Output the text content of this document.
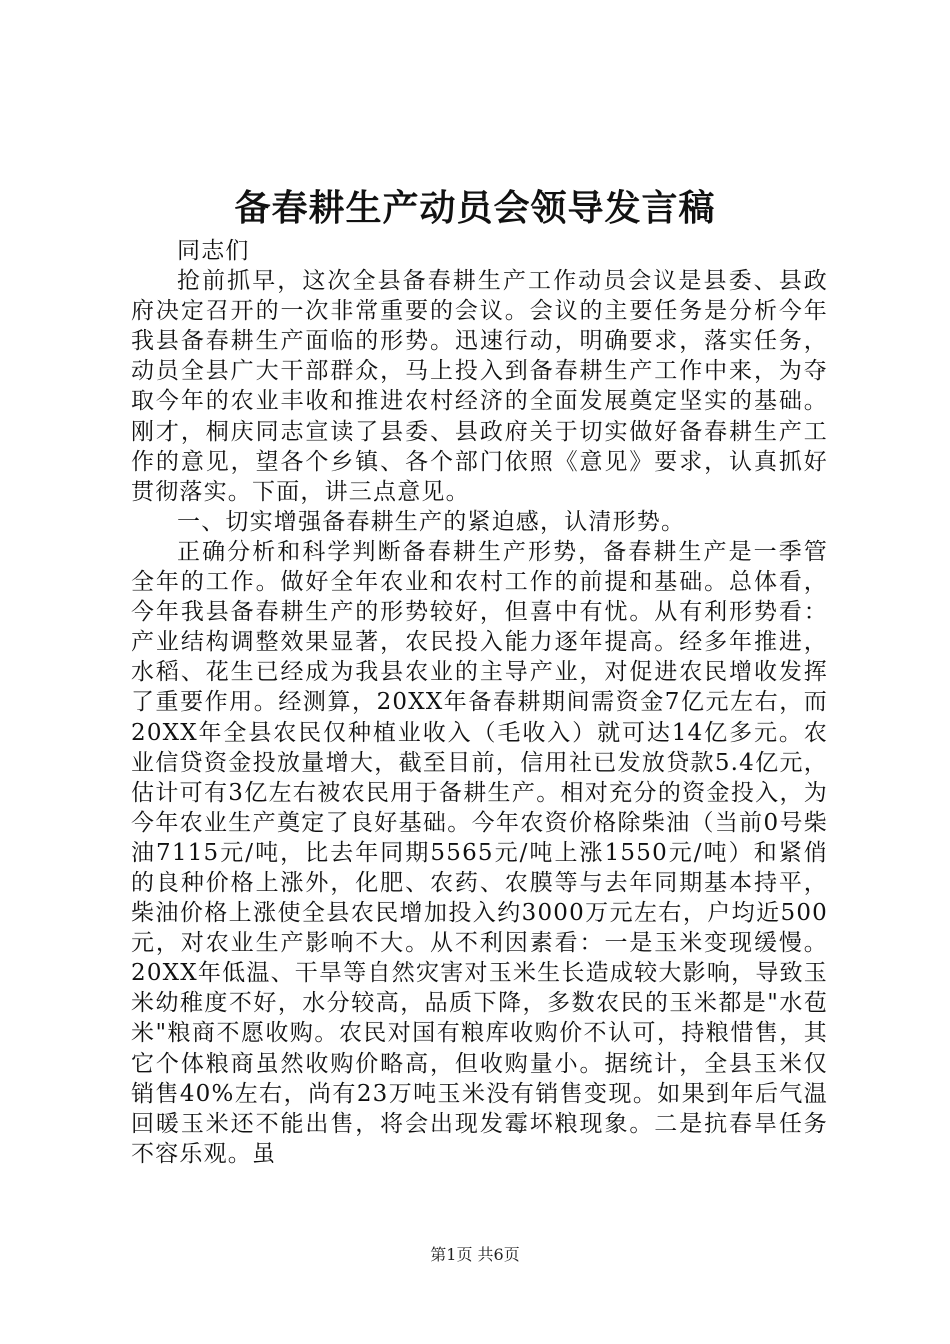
备春耕生产动员会领导发言稿

同志们

抢前抓早，这次全县备春耕生产工作动员会议是县委、县政府决定召开的一次非常重要的会议。会议的主要任务是分析今年我县备春耕生产面临的形势。迅速行动，明确要求，落实任务，动员全县广大干部群众，马上投入到备春耕生产工作中来，为夺取今年的农业丰收和推进农村经济的全面发展奠定坚实的基础。刚才，桐庆同志宣读了县委、县政府关于切实做好备春耕生产工作的意见，望各个乡镇、各个部门依照《意见》要求，认真抓好贯彻落实。下面，讲三点意见。

一、切实增强备春耕生产的紧迫感，认清形势。

正确分析和科学判断备春耕生产形势，备春耕生产是一季管全年的工作。做好全年农业和农村工作的前提和基础。总体看，今年我县备春耕生产的形势较好，但喜中有忧。从有利形势看：产业结构调整效果显著，农民投入能力逐年提高。经多年推进，水稻、花生已经成为我县农业的主导产业，对促进农民增收发挥了重要作用。经测算，20XX年备春耕期间需资金7亿元左右，而20XX年全县农民仅种植业收入（毛收入）就可达14亿多元。农业信贷资金投放量增大，截至目前，信用社已发放贷款5.4亿元，估计可有3亿左右被农民用于备耕生产。相对充分的资金投入，为今年农业生产奠定了良好基础。今年农资价格除柴油（当前0号柴油7115元/吨，比去年同期5565元/吨上涨1550元/吨）和紧俏的良种价格上涨外，化肥、农药、农膜等与去年同期基本持平，柴油价格上涨使全县农民增加投入约3000万元左右，户均近500元，对农业生产影响不大。从不利因素看：一是玉米变现缓慢。20XX年低温、干旱等自然灾害对玉米生长造成较大影响，导致玉米幼稚度不好，水分较高，品质下降，多数农民的玉米都是"水苞米"粮商不愿收购。农民对国有粮库收购价不认可，持粮惜售，其它个体粮商虽然收购价略高，但收购量小。据统计，全县玉米仅销售40%左右，尚有23万吨玉米没有销售变现。如果到年后气温回暖玉米还不能出售，将会出现发霉坏粮现象。二是抗春旱任务不容乐观。虽

第1页 共6页
